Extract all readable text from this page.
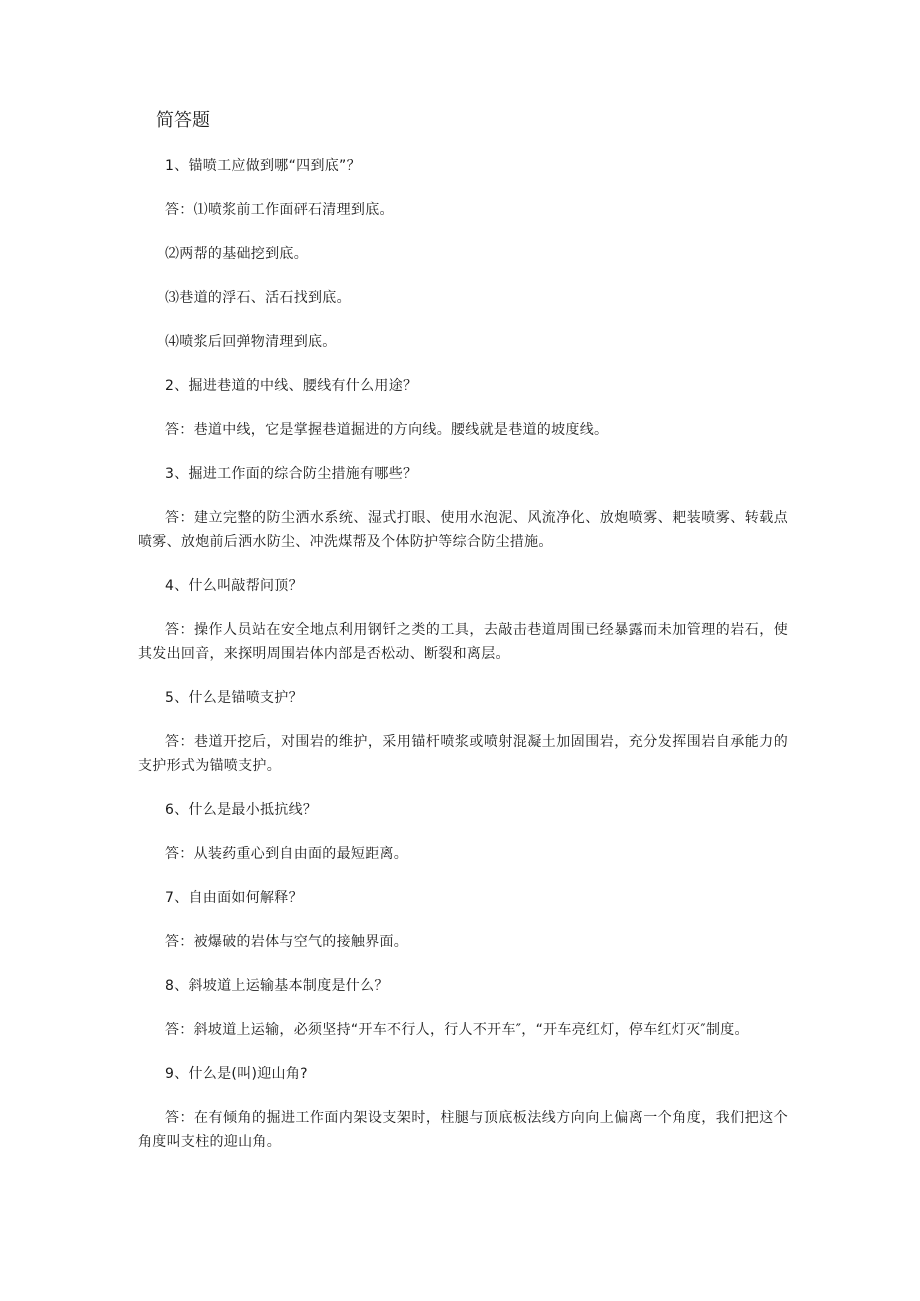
简答题

1、锚喷工应做到哪“四到底”？

答：⑴喷浆前工作面砰石清理到底。

⑵两帮的基础挖到底。

⑶巷道的浮石、活石找到底。

⑷喷浆后回弹物清理到底。

2、掘进巷道的中线、腰线有什么用途？

答：巷道中线，它是掌握巷道掘进的方向线。腰线就是巷道的坡度线。

3、掘进工作面的综合防尘措施有哪些？

答：建立完整的防尘洒水系统、湿式打眼、使用水泡泥、风流净化、放炮喷雾、耙装喷雾、转载点喷雾、放炮前后洒水防尘、冲洗煤帮及个体防护等综合防尘措施。

4、什么叫敲帮问顶？

答：操作人员站在安全地点利用钢钎之类的工具，去敲击巷道周围已经暴露而未加管理的岩石，使其发出回音，来探明周围岩体内部是否松动、断裂和离层。

5、什么是锚喷支护？

答：巷道开挖后，对围岩的维护，采用锚杆喷浆或喷射混凝土加固围岩，充分发挥围岩自承能力的支护形式为锚喷支护。

6、什么是最小抵抗线？

答：从装药重心到自由面的最短距离。

7、自由面如何解释？

答：被爆破的岩体与空气的接触界面。

8、斜坡道上运输基本制度是什么？

答：斜坡道上运输，必须坚持“开车不行人，行人不开车″，“开车亮红灯，停车红灯灭″制度。

9、什么是(叫)迎山角?

答：在有倾角的掘进工作面内架设支架时，柱腿与顶底板法线方向向上偏离一个角度，我们把这个角度叫支柱的迎山角。
